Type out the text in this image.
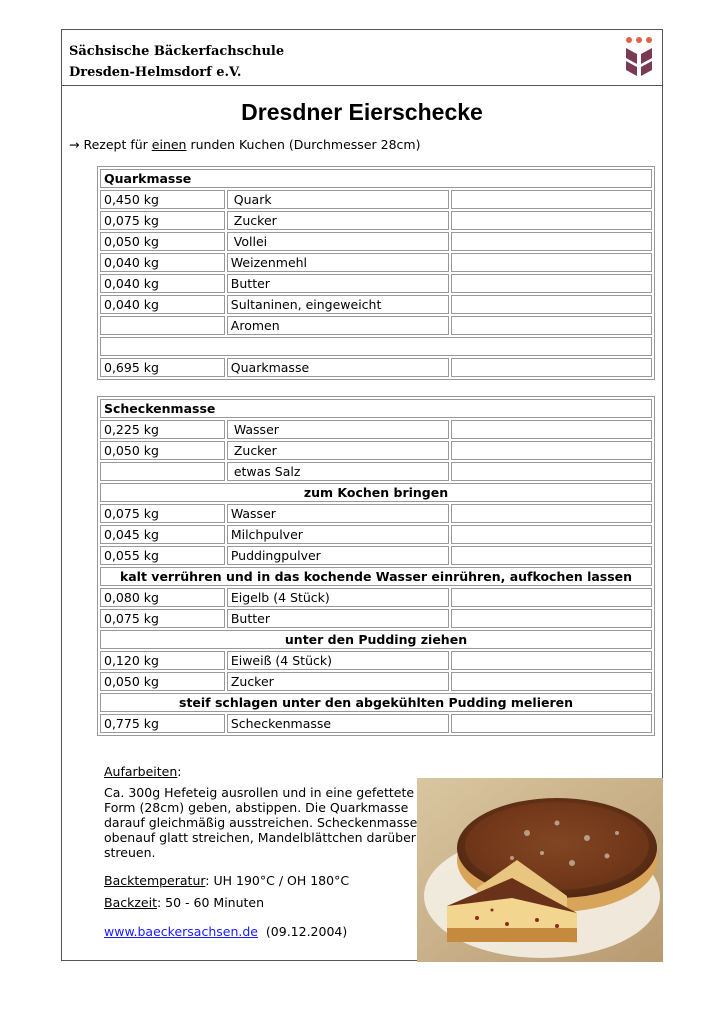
Sächsische Bäckerfachschule
Dresden-Helmsdorf e.V.
Dresdner Eierschecke
→ Rezept für einen runden Kuchen (Durchmesser 28cm)
Quarkmasse		
0,450 kg	Quark	
0,075 kg	Zucker	
0,050 kg	Vollei	
0,040 kg	Weizenmehl	
0,040 kg	Butter	
0,040 kg	Sultaninen, eingeweicht	
	Aromen	

0,695 kg	Quarkmasse	
Scheckenmasse		
0,225 kg	Wasser	
0,050 kg	Zucker	
	etwas Salz	
zum Kochen bringen		
0,075 kg	Wasser	
0,045 kg	Milchpulver	
0,055 kg	Puddingpulver	
kalt verrühren und in das kochende Wasser einrühren, aufkochen lassen		
0,080 kg	Eigelb (4 Stück)	
0,075 kg	Butter	
unter den Pudding ziehen		
0,120 kg	Eiweiß (4 Stück)	
0,050 kg	Zucker	
steif schlagen unter den abgekühlten Pudding melieren		
0,775 kg	Scheckenmasse	
Aufarbeiten:
Ca. 300g Hefeteig ausrollen und in eine gefettete
Form (28cm) geben, abstippen. Die Quarkmasse
darauf gleichmäßig ausstreichen. Scheckenmasse
obenauf glatt streichen, Mandelblättchen darüber
streuen.
Backtemperatur: UH 190°C / OH 180°C
Backzeit: 50 - 60 Minuten
www.baeckersachsen.de (09.12.2004)
